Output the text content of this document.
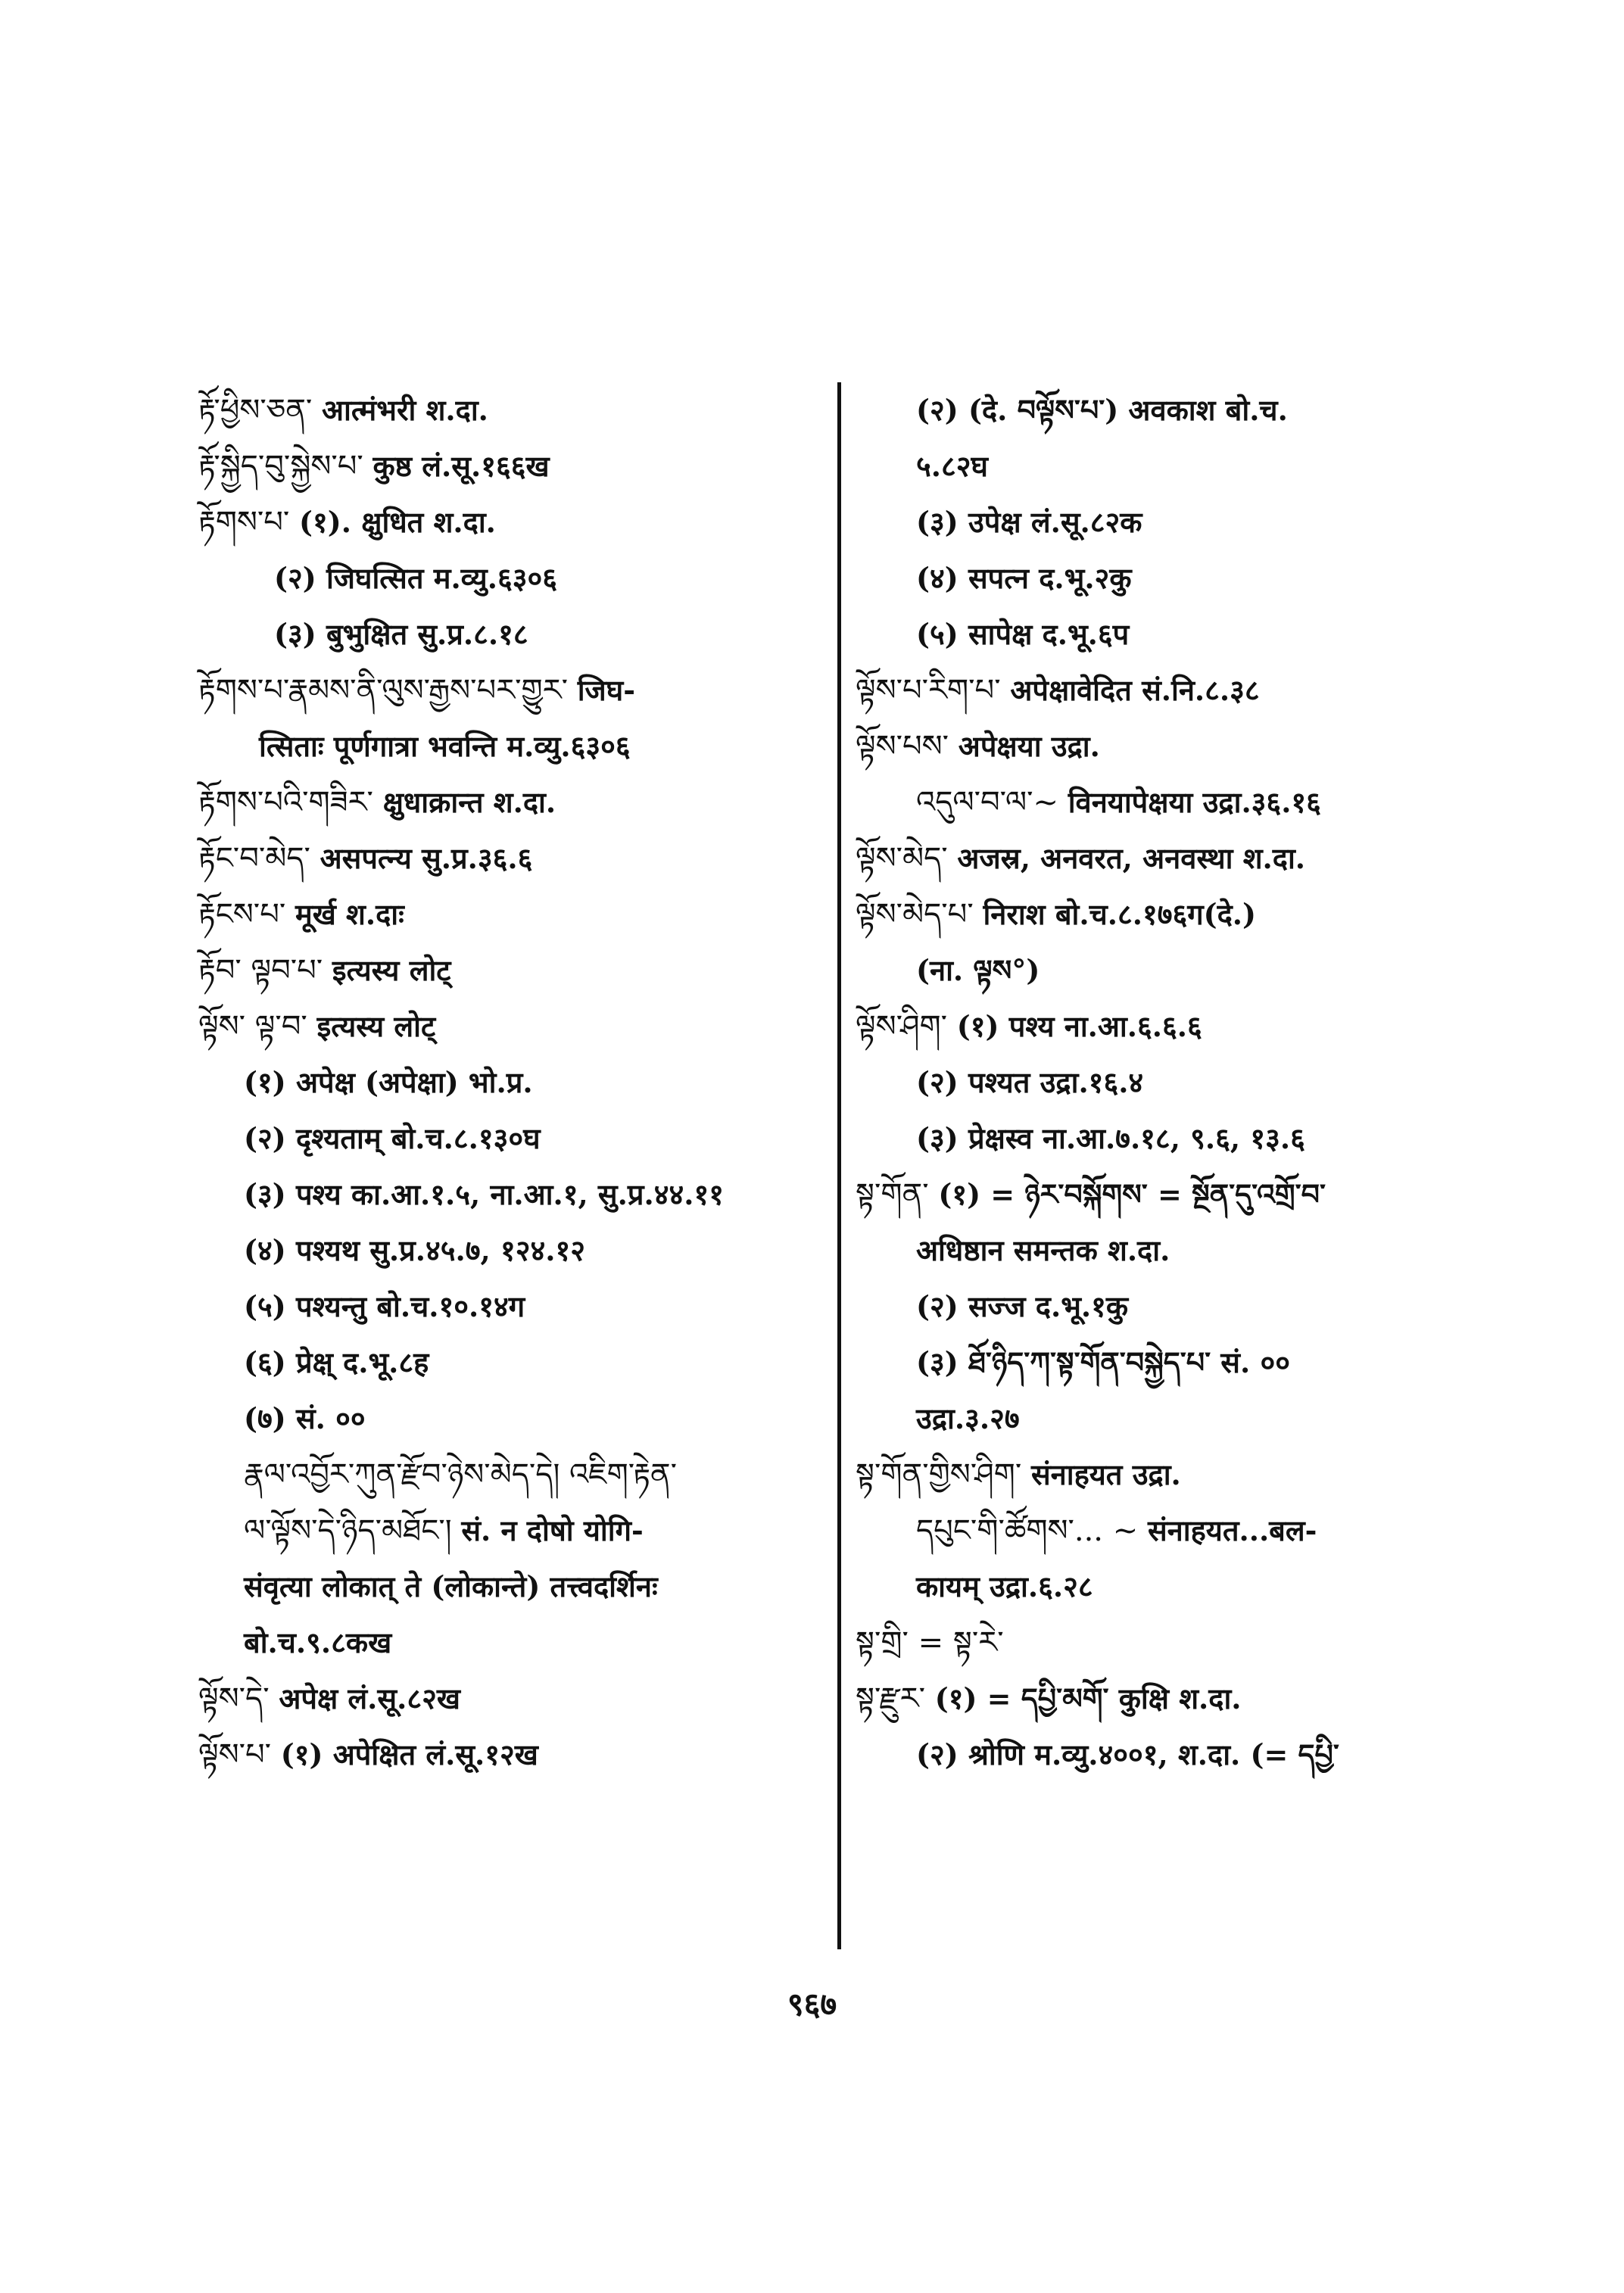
རྟོ་ཕྱིས་ཅན་ आत्मंभरी श.दा.
རྟོ་སྐྱིད་བུ་སྐྱེས་པ་ कुष्ठ लं.सू.१६६ख
རྟོགས་པ་ (१). क्षुधित श.दा.
(२) जिघत्सित म.व्यु.६३०६
(३) बुभुक्षित सु.प्र.८.१८
རྟོགས་པ་རྣམས་ནི་ལུས་རྒྱས་པར་གྱུར་ जिघ-
त्सिताः पूर्णगात्रा भवन्ति म.व्यु.६३०६
རྟོགས་པའི་གཟིར་ क्षुधाक्रान्त श.दा.
རྟོང་བ་མེད་ असपत्न्य सु.प्र.३६.६
རྟོངས་པ་ मूर्ख श.दाः
རྟོབ་ ལྟབ་པ་ इत्यस्य लोट्
ལྟོས་ ལྟ་བ་ इत्यस्य लोट्
(१) अपेक्ष (अपेक्षा) भो.प्र.
(२) दृश्यताम् बो.च.८.१३०घ
(३) पश्य का.आ.१.५, ना.आ.१, सु.प्र.४४.११
(४) पश्यथ सु.प्र.४५.७, १२४.१२
(५) पश्यन्तु बो.च.१०.१४ग
(६) प्रेक्ष् द.भू.८ह
(७) सं. ००
རྣལ་འབྱོར་ཀུན་རྫོབ་ཉེས་མེད་དེ། འཇིག་རྟེན་
ལ་ལྟོས་དེ་ཉིད་མཐོང་། सं. न दोषो योगि-
संवृत्या लोकात् ते (लोकान्ते) तत्त्वदर्शिनः
बो.च.९.८कख
ལྟོས་དེ་ अपेक्ष लं.सू.८२ख
ལྟོས་པ་ (१) अपेक्षित लं.सू.१२ख
(२) (दे. བལྟོས་པ་) अवकाश बो.च.
५.८२घ
(३) उपेक्ष लं.सू.८२क
(४) सपत्न द.भू.२कु
(५) सापेक्ष द.भू.६प
ལྟོས་པ་རིག་པ་ अपेक्षावेदित सं.नि.८.३८
ལྟོས་པས་ अपेक्षया उद्रा.
འདུལ་བ་ལ་~ विनयापेक्षया उद्रा.३६.१६
ལྟོས་མེད་ अजस्र, अनवरत, अनवस्था श.दा.
ལྟོས་མེད་པ་ निराश बो.च.८.१७६ग(दे.)
(ना. ལྟས°)
ལྟོས་ཤིག་ (१) पश्य ना.आ.६.६.६
(२) पश्यत उद्रा.१६.४
(३) प्रेक्षस्व ना.आ.७.१८, ९.६, १३.६
སྟ་གོན་ (१) = ཉེར་བསྐོགས་ = སྔོན་དུ་འགྲོ་བ་
अधिष्ठान समन्तक श.दा.
(२) सज्ज द.भू.१कु
(३) ཐོ་ཉིད་ཀ་སྟ་གོན་བསྐྱེད་པ་ सं. ००
उद्रा.३.२७
སྟ་གོན་གྱིས་ཤིག་ संनाहयत उद्रा.
དཔུང་གི་ཚོགས་... ~ संनाहयत...बल-
कायम् उद्रा.६.२८
སྟ་གྲི་ = སྟ་རེ་
སྟ་རྫུར་ (१) = དཔྱི་མགོ་ कुक्षि श.दा.
(२) श्रोणि म.व्यु.४००१, श.दा. (= དཔྱི་
९६७
